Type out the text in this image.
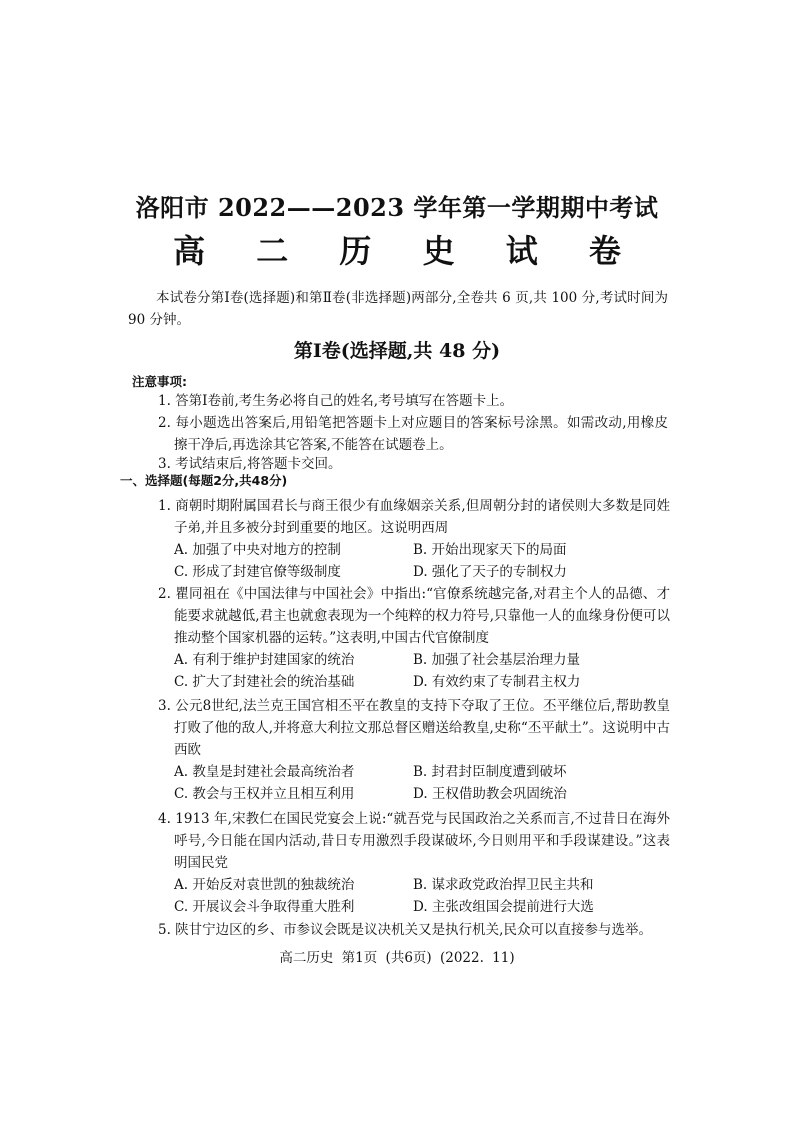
洛阳市 2022——2023 学年第一学期期中考试
高 二 历 史 试 卷
本试卷分第Ⅰ卷(选择题)和第Ⅱ卷(非选择题)两部分,全卷共 6 页,共 100 分,考试时间为 90 分钟。
第Ⅰ卷(选择题,共 48 分)
注意事项:
1. 答第Ⅰ卷前,考生务必将自己的姓名,考号填写在答题卡上。
2. 每小题选出答案后,用铅笔把答题卡上对应题目的答案标号涂黑。如需改动,用橡皮擦干净后,再选涂其它答案,不能答在试题卷上。
一、选择题(每题2分,共48分)
3. 考试结束后,将答题卡交回。
1. 商朝时期附属国君长与商王很少有血缘姻亲关系,但周朝分封的诸侯则大多数是同姓子弟,并且多被分封到重要的地区。这说明西周
A. 加强了中央对地方的控制	B. 开始出现家天下的局面
C. 形成了封建官僚等级制度	D. 强化了天子的专制权力
2. 瞿同祖在《中国法律与中国社会》中指出:“官僚系统越完备,对君主个人的品德、才能要求就越低,君主也就愈表现为一个纯粹的权力符号,只靠他一人的血缘身份便可以推动整个国家机器的运转。”这表明,中国古代官僚制度
A. 有利于维护封建国家的统治	B. 加强了社会基层治理力量
C. 扩大了封建社会的统治基础	D. 有效约束了专制君主权力
3. 公元8世纪,法兰克王国宫相丕平在教皇的支持下夺取了王位。丕平继位后,帮助教皇打败了他的敌人,并将意大利拉文那总督区赠送给教皇,史称“丕平献土”。这说明中古西欧
A. 教皇是封建社会最高统治者	B. 封君封臣制度遭到破坏
C. 教会与王权并立且相互利用	D. 王权借助教会巩固统治
4. 1913 年,宋教仁在国民党宴会上说:“就吾党与民国政治之关系而言,不过昔日在海外呼号,今日能在国内活动,昔日专用激烈手段谋破坏,今日则用平和手段谋建设。”这表明国民党
A. 开始反对袁世凯的独裁统治	B. 谋求政党政治捍卫民主共和
C. 开展议会斗争取得重大胜利	D. 主张改组国会提前进行大选
5. 陕甘宁边区的乡、市参议会既是议决机关又是执行机关,民众可以直接参与选举。
高二历史 第1页 (共6页) (2022. 11)
